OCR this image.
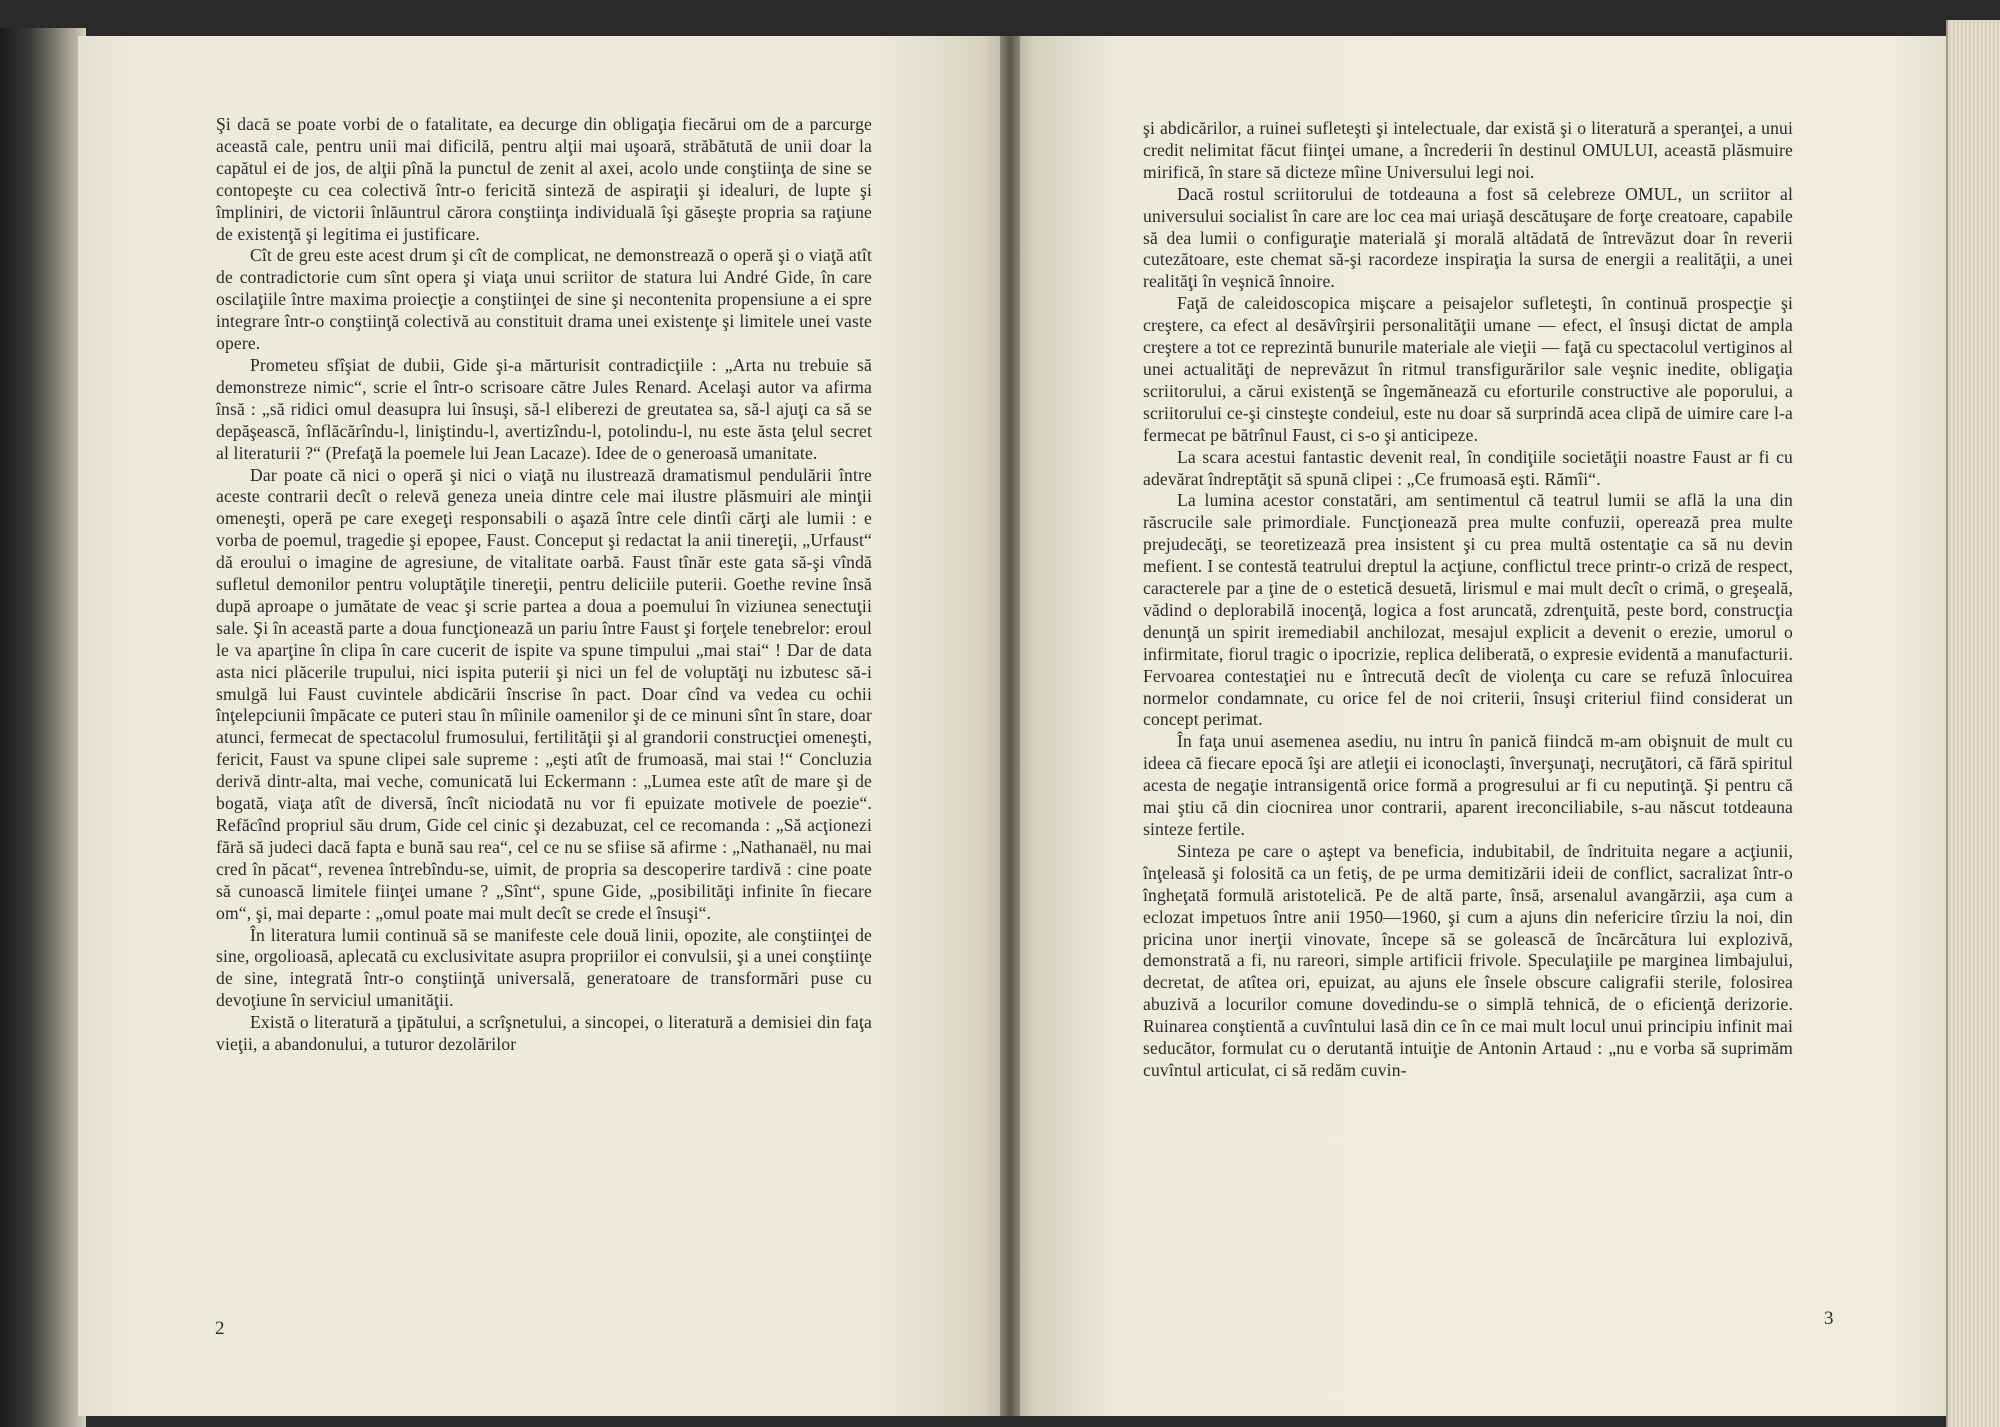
Şi dacă se poate vorbi de o fatalitate, ea decurge din obligaţia fiecărui om de a parcurge această cale, pentru unii mai dificilă, pentru alţii mai uşoară, străbătută de unii doar la capătul ei de jos, de alţii pînă la punctul de zenit al axei, acolo unde conştiinţa de sine se contopeşte cu cea colectivă într-o fericită sinteză de aspiraţii şi idealuri, de lupte şi împliniri, de victorii înlăuntrul cărora conştiinţa individuală îşi găseşte propria sa raţiune de existenţă şi legitima ei justificare.

Cît de greu este acest drum şi cît de complicat, ne demonstrează o operă şi o viaţă atît de contradictorie cum sînt opera şi viaţa unui scriitor de statura lui André Gide, în care oscilaţiile între maxima proiecţie a conştiinţei de sine şi necontenita propensiune a ei spre integrare într-o conştiinţă colectivă au constituit drama unei existenţe şi limitele unei vaste opere.

Prometeu sfîşiat de dubii, Gide şi-a mărturisit contradicţiile : „Arta nu trebuie să demonstreze nimic“, scrie el într-o scrisoare către Jules Renard. Acelaşi autor va afirma însă : „să ridici omul deasupra lui însuşi, să-l eliberezi de greutatea sa, să-l ajuţi ca să se depăşească, înflăcărîndu-l, liniştindu-l, avertizîndu-l, potolindu-l, nu este ăsta ţelul secret al literaturii ?“ (Prefaţă la poemele lui Jean Lacaze). Idee de o generoasă umanitate.

Dar poate că nici o operă şi nici o viaţă nu ilustrează dramatismul pendulării între aceste contrarii decît o relevă geneza uneia dintre cele mai ilustre plăsmuiri ale minţii omeneşti, operă pe care exegeţi responsabili o aşază între cele dintîi cărţi ale lumii : e vorba de poemul, tragedie şi epopee, Faust. Conceput şi redactat la anii tinereţii, „Urfaust“ dă eroului o imagine de agresiune, de vitalitate oarbă. Faust tînăr este gata să-şi vîndă sufletul demonilor pentru voluptăţile tinereţii, pentru deliciile puterii. Goethe revine însă după aproape o jumătate de veac şi scrie partea a doua a poemului în viziunea senectuţii sale. Şi în această parte a doua funcţionează un pariu între Faust şi forţele tenebrelor: eroul le va aparţine în clipa în care cucerit de ispite va spune timpului „mai stai“ ! Dar de data asta nici plăcerile trupului, nici ispita puterii şi nici un fel de voluptăţi nu izbutesc să-i smulgă lui Faust cuvintele abdicării înscrise în pact. Doar cînd va vedea cu ochii înţelepciunii împăcate ce puteri stau în mîinile oamenilor şi de ce minuni sînt în stare, doar atunci, fermecat de spectacolul frumosului, fertilităţii şi al grandorii construcţiei omeneşti, fericit, Faust va spune clipei sale supreme : „eşti atît de frumoasă, mai stai !“ Concluzia derivă dintr-alta, mai veche, comunicată lui Eckermann : „Lumea este atît de mare şi de bogată, viaţa atît de diversă, încît niciodată nu vor fi epuizate motivele de poezie“. Refăcînd propriul său drum, Gide cel cinic şi dezabuzat, cel ce recomanda : „Să acţionezi fără să judeci dacă fapta e bună sau rea“, cel ce nu se sfiise să afirme : „Nathanaël, nu mai cred în păcat“, revenea întrebîndu-se, uimit, de propria sa descoperire tardivă : cine poate să cunoască limitele fiinţei umane ? „Sînt“, spune Gide, „posibilităţi infinite în fiecare om“, şi, mai departe : „omul poate mai mult decît se crede el însuşi“.

În literatura lumii continuă să se manifeste cele două linii, opozite, ale conştiinţei de sine, orgolioasă, aplecată cu exclusivitate asupra propriilor ei convulsii, şi a unei conştiinţe de sine, integrată într-o conştiinţă universală, generatoare de transformări puse cu devoţiune în serviciul umanităţii.

Există o literatură a ţipătului, a scrîşnetului, a sincopei, o literatură a demisiei din faţa vieţii, a abandonului, a tuturor dezolărilor

2

şi abdicărilor, a ruinei sufleteşti şi intelectuale, dar există şi o literatură a speranţei, a unui credit nelimitat făcut fiinţei umane, a încrederii în destinul OMULUI, această plăsmuire mirifică, în stare să dicteze mîine Universului legi noi.

Dacă rostul scriitorului de totdeauna a fost să celebreze OMUL, un scriitor al universului socialist în care are loc cea mai uriaşă descătuşare de forţe creatoare, capabile să dea lumii o configuraţie materială şi morală altădată de întrevăzut doar în reverii cutezătoare, este chemat să-şi racordeze inspiraţia la sursa de energii a realităţii, a unei realităţi în veşnică înnoire.

Faţă de caleidoscopica mişcare a peisajelor sufleteşti, în continuă prospecţie şi creştere, ca efect al desăvîrşirii personalităţii umane — efect, el însuşi dictat de ampla creştere a tot ce reprezintă bunurile materiale ale vieţii — faţă cu spectacolul vertiginos al unei actualităţi de neprevăzut în ritmul transfigurărilor sale veşnic inedite, obligaţia scriitorului, a cărui existenţă se îngemănează cu eforturile constructive ale poporului, a scriitorului ce-şi cinsteşte condeiul, este nu doar să surprindă acea clipă de uimire care l-a fermecat pe bătrînul Faust, ci s-o şi anticipeze.

La scara acestui fantastic devenit real, în condiţiile societăţii noastre Faust ar fi cu adevărat îndreptăţit să spună clipei : „Ce frumoasă eşti. Rămîi“.

La lumina acestor constatări, am sentimentul că teatrul lumii se află la una din răscrucile sale primordiale. Funcţionează prea multe confuzii, operează prea multe prejudecăţi, se teoretizează prea insistent şi cu prea multă ostentaţie ca să nu devin mefient. I se contestă teatrului dreptul la acţiune, conflictul trece printr-o criză de respect, caracterele par a ţine de o estetică desuetă, lirismul e mai mult decît o crimă, o greşeală, vădind o deplorabilă inocenţă, logica a fost aruncată, zdrenţuită, peste bord, construcţia denunţă un spirit iremediabil anchilozat, mesajul explicit a devenit o erezie, umorul o infirmitate, fiorul tragic o ipocrizie, replica deliberată, o expresie evidentă a manufacturii. Fervoarea contestaţiei nu e întrecută decît de violenţa cu care se refuză înlocuirea normelor condamnate, cu orice fel de noi criterii, însuşi criteriul fiind considerat un concept perimat.

În faţa unui asemenea asediu, nu intru în panică fiindcă m-am obişnuit de mult cu ideea că fiecare epocă îşi are atleţii ei iconoclaşti, înverşunaţi, necruţători, că fără spiritul acesta de negaţie intransigentă orice formă a progresului ar fi cu neputinţă. Şi pentru că mai ştiu că din ciocnirea unor contrarii, aparent ireconciliabile, s-au născut totdeauna sinteze fertile.

Sinteza pe care o aştept va beneficia, indubitabil, de îndrituita negare a acţiunii, înţeleasă şi folosită ca un fetiş, de pe urma demitizării ideii de conflict, sacralizat într-o îngheţată formulă aristotelică. Pe de altă parte, însă, arsenalul avangărzii, aşa cum a eclozat impetuos între anii 1950—1960, şi cum a ajuns din nefericire tîrziu la noi, din pricina unor inerţii vinovate, începe să se golească de încărcătura lui explozivă, demonstrată a fi, nu rareori, simple artificii frivole. Speculaţiile pe marginea limbajului, decretat, de atîtea ori, epuizat, au ajuns ele însele obscure caligrafii sterile, folosirea abuzivă a locurilor comune dovedindu-se o simplă tehnică, de o eficienţă derizorie. Ruinarea conştientă a cuvîntului lasă din ce în ce mai mult locul unui principiu infinit mai seducător, formulat cu o derutantă intuiţie de Antonin Artaud : „nu e vorba să suprimăm cuvîntul articulat, ci să redăm cuvin-

3
